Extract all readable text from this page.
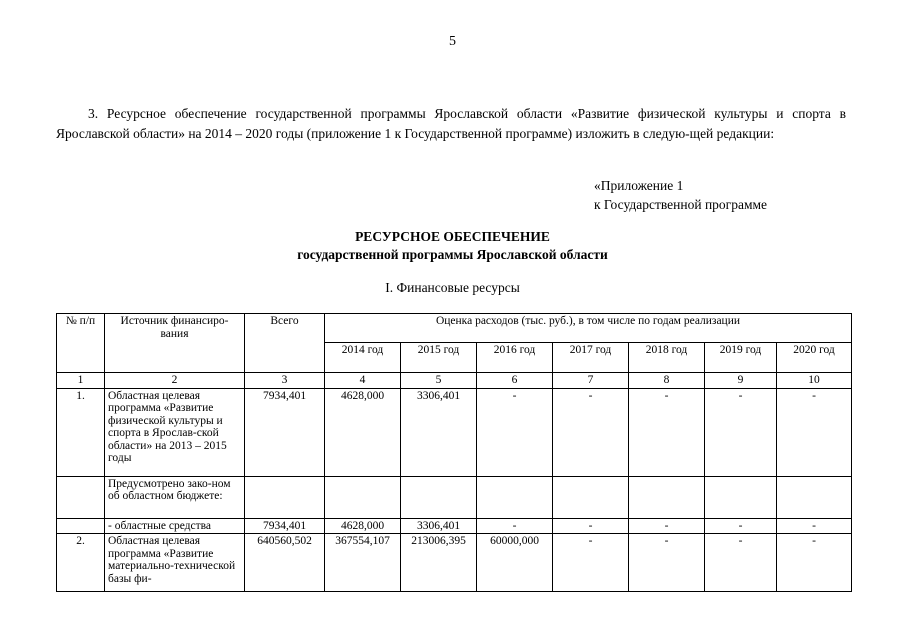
5

3. Ресурсное обеспечение государственной программы Ярославской области «Развитие физической культуры и спорта в Ярославской области» на 2014 – 2020 годы (приложение 1 к Государственной программе) изложить в следую-щей редакции:

«Приложение 1
к Государственной программе
РЕСУРСНОЕ ОБЕСПЕЧЕНИЕ
государственной программы Ярославской области
I. Финансовые ресурсы
№ п/п	Источник финансиро-вания	Всего	Оценка расходов (тыс. руб.), в том числе по годам реализации						
			2014 год	2015 год	2016 год	2017 год	2018 год	2019 год	2020 год
1	2	3	4	5	6	7	8	9	10
1.	Областная целевая программа «Развитие физической культуры и спорта в Ярослав-ской области» на 2013 – 2015 годы	7934,401	4628,000	3306,401	-	-	-	-	-
	Предусмотрено зако-ном об областном бюджете:								
	- областные средства	7934,401	4628,000	3306,401	-	-	-	-	-
2.	Областная целевая программа «Развитие материально-технической базы фи-	640560,502	367554,107	213006,395	60000,000	-	-	-	-
